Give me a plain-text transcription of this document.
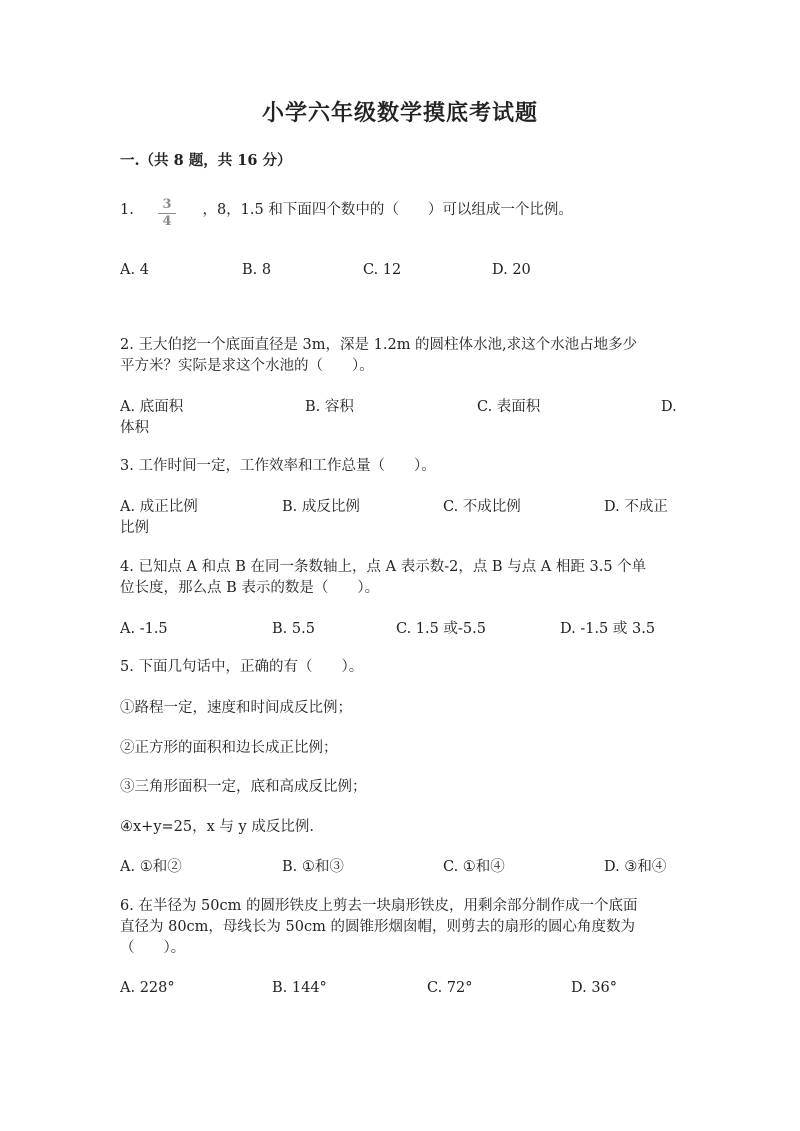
小学六年级数学摸底考试题
一.（共 8 题，共 16 分）
1.	，8，1.5 和下面四个数中的（　　）可以组成一个比例。
3
4
A. 4	B. 8	C. 12	D. 20
2. 王大伯挖一个底面直径是 3m，深是 1.2m 的圆柱体水池,求这个水池占地多少
平方米？实际是求这个水池的（　　）。
A. 底面积	B. 容积	C. 表面积	D.
体积
3. 工作时间一定，工作效率和工作总量（　　）。
A. 成正比例	B. 成反比例	C. 不成比例	D. 不成正
比例
4. 已知点 A 和点 B 在同一条数轴上，点 A 表示数-2，点 B 与点 A 相距 3.5 个单
位长度，那么点 B 表示的数是（　　）。
A. -1.5	B. 5.5	C. 1.5 或-5.5	D. -1.5 或 3.5
5. 下面几句话中，正确的有（　　）。
①路程一定，速度和时间成反比例；
②正方形的面积和边长成正比例；
③三角形面积一定，底和高成反比例；
④x+y=25，x 与 y 成反比例.
A. ①和②	B. ①和③	C. ①和④	D. ③和④
6. 在半径为 50cm 的圆形铁皮上剪去一块扇形铁皮，用剩余部分制作成一个底面
直径为 80cm，母线长为 50cm 的圆锥形烟囱帽，则剪去的扇形的圆心角度数为
（　　）。
A. 228°	B. 144°	C. 72°	D. 36°
